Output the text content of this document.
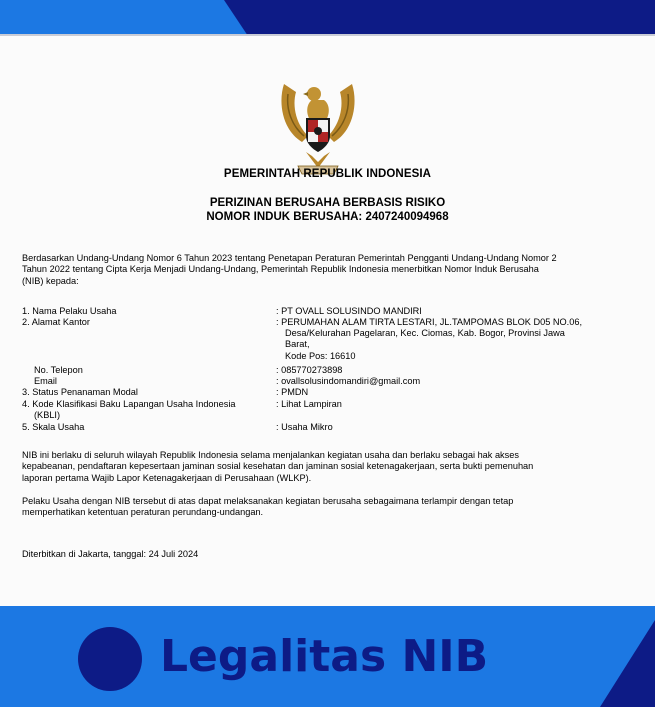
PEMERINTAH REPUBLIK INDONESIA
PERIZINAN BERUSAHA BERBASIS RISIKO
NOMOR INDUK BERUSAHA: 2407240094968
Berdasarkan Undang-Undang Nomor 6 Tahun 2023 tentang Penetapan Peraturan Pemerintah Pengganti Undang-Undang Nomor 2
Tahun 2022 tentang Cipta Kerja Menjadi Undang-Undang, Pemerintah Republik Indonesia menerbitkan Nomor Induk Berusaha
(NIB) kepada:
1. Nama Pelaku Usaha	: PT OVALL SOLUSINDO MANDIRI
2. Alamat Kantor	: PERUMAHAN ALAM TIRTA LESTARI, JL.TAMPOMAS BLOK D05 NO.06,
Desa/Kelurahan Pagelaran, Kec. Ciomas, Kab. Bogor, Provinsi Jawa
Barat,
Kode Pos: 16610
No. Telepon	: 085770273898
Email	: ovallsolusindomandiri@gmail.com
3. Status Penanaman Modal	: PMDN
4. Kode Klasifikasi Baku Lapangan Usaha Indonesia	: Lihat Lampiran
(KBLI)
5. Skala Usaha	: Usaha Mikro
NIB ini berlaku di seluruh wilayah Republik Indonesia selama menjalankan kegiatan usaha dan berlaku sebagai hak akses
kepabeanan, pendaftaran kepesertaan jaminan sosial kesehatan dan jaminan sosial ketenagakerjaan, serta bukti pemenuhan
laporan pertama Wajib Lapor Ketenagakerjaan di Perusahaan (WLKP).
Pelaku Usaha dengan NIB tersebut di atas dapat melaksanakan kegiatan berusaha sebagaimana terlampir dengan tetap
memperhatikan ketentuan peraturan perundang-undangan.
Diterbitkan di Jakarta, tanggal: 24 Juli 2024
Legalitas NIB
